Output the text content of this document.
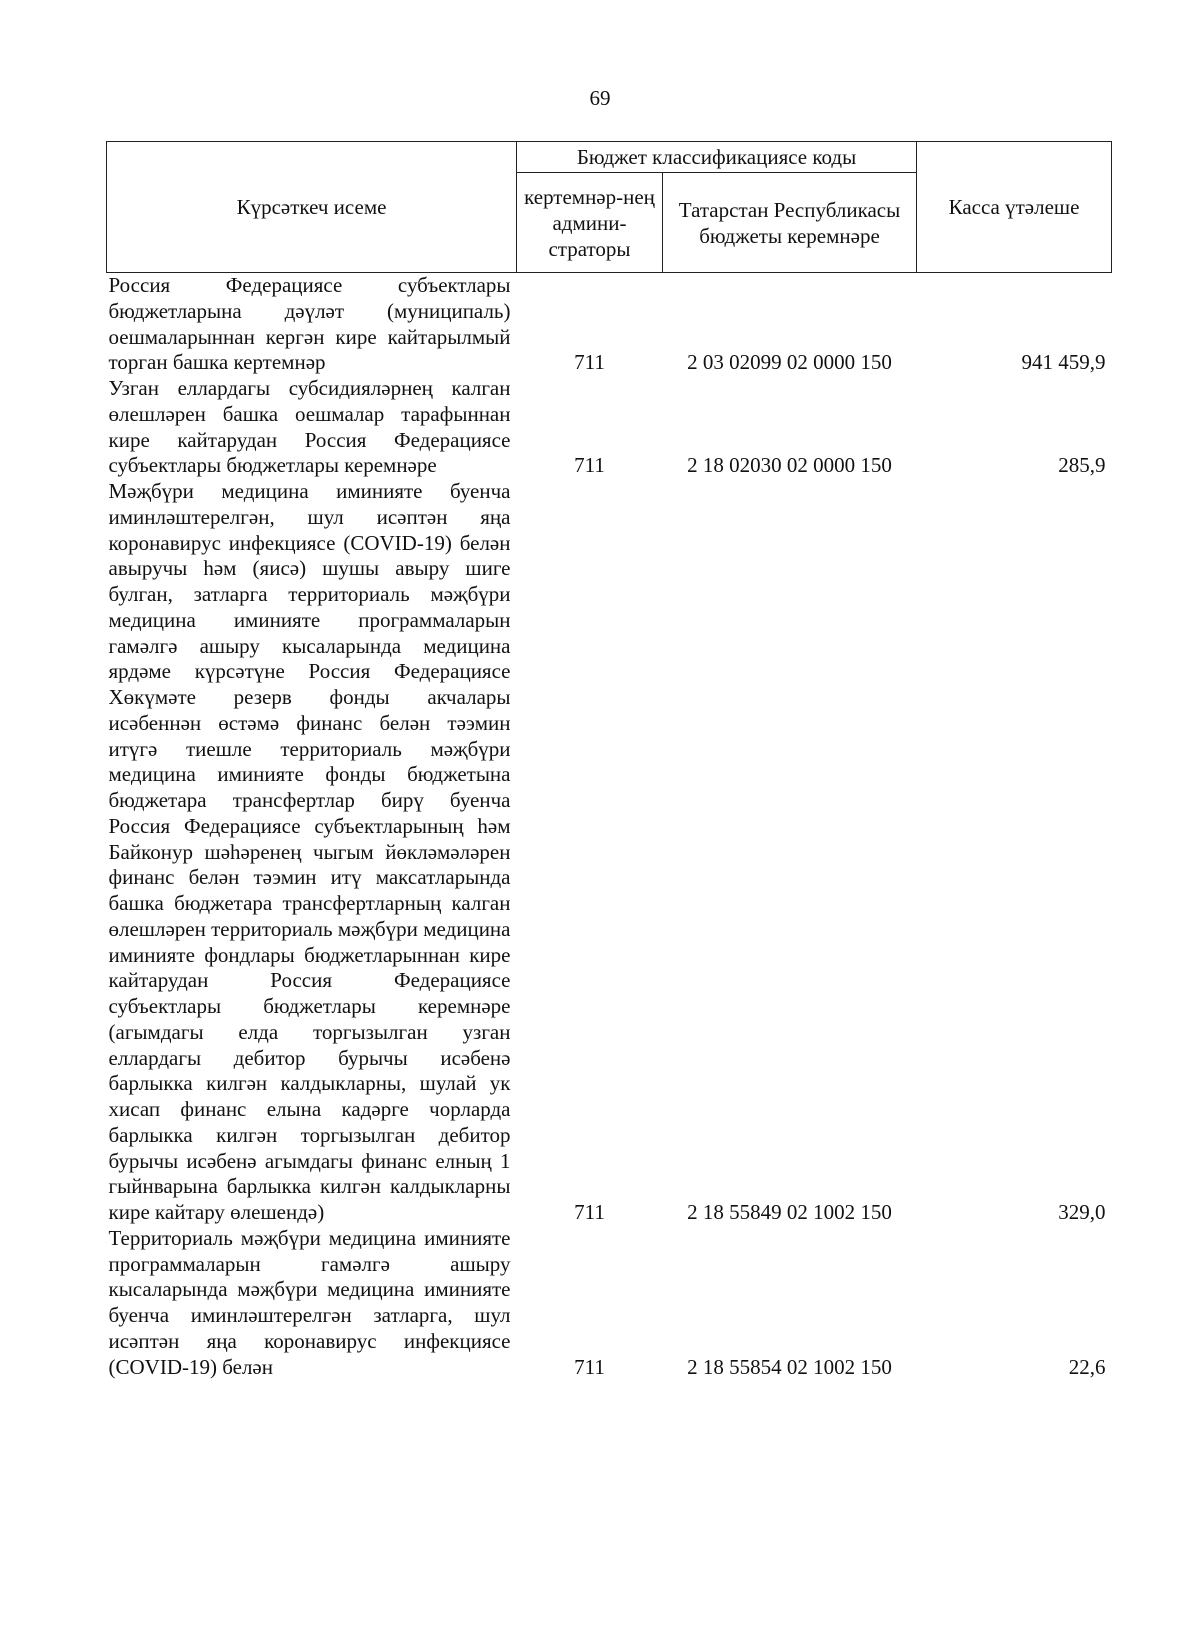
69
Күрсәткеч исеме	Бюджет классификациясе коды		Касса үтәлеше
	кертемнәр-нең админи-страторы	Татарстан Республикасы бюджеты керемнәре	
Россия Федерациясе субъектлары бюджетларына дәүләт (муниципаль) оешмаларыннан кергән кире кайтарылмый торган башка кертемнәр	711	2 03 02099 02 0000 150	941 459,9
Узган еллардагы субсидияләрнең калган өлешләрен башка оешмалар тарафыннан кире кайтарудан Россия Федерациясе субъектлары бюджетлары керемнәре	711	2 18 02030 02 0000 150	285,9
Мәҗбүри медицина иминияте буенча иминләштерелгән, шул исәптән яңа коронавирус инфекциясе (COVID-19) белән авыручы һәм (яисә) шушы авыру шиге булган, затларга территориаль мәҗбүри медицина иминияте программаларын гамәлгә ашыру кысаларында медицина ярдәме күрсәтүне Россия Федерациясе Хөкүмәте резерв фонды акчалары исәбеннән өстәмә финанс белән тәэмин итүгә тиешле территориаль мәҗбүри медицина иминияте фонды бюджетына бюджетара трансфертлар бирү буенча Россия Федерациясе субъектларының һәм Байконур шәһәренең чыгым йөкләмәләрен финанс белән тәэмин итү максатларында башка бюджетара трансфертларның калган өлешләрен территориаль мәҗбүри медицина иминияте фондлары бюджетларыннан кире кайтарудан Россия Федерациясе субъектлары бюджетлары керемнәре (агымдагы елда торгызылган узган еллардагы дебитор бурычы исәбенә барлыкка килгән калдыкларны, шулай ук хисап финанс елына кадәрге чорларда барлыкка килгән торгызылган дебитор бурычы исәбенә агымдагы финанс елның 1 гыйнварына барлыкка килгән калдыкларны кире кайтару өлешендә)	711	2 18 55849 02 1002 150	329,0
Территориаль мәҗбүри медицина иминияте программаларын гамәлгә ашыру кысаларында мәҗбүри медицина иминияте буенча иминләштерелгән затларга, шул исәптән яңа коронавирус инфекциясе (COVID-19) белән	711	2 18 55854 02 1002 150	22,6
